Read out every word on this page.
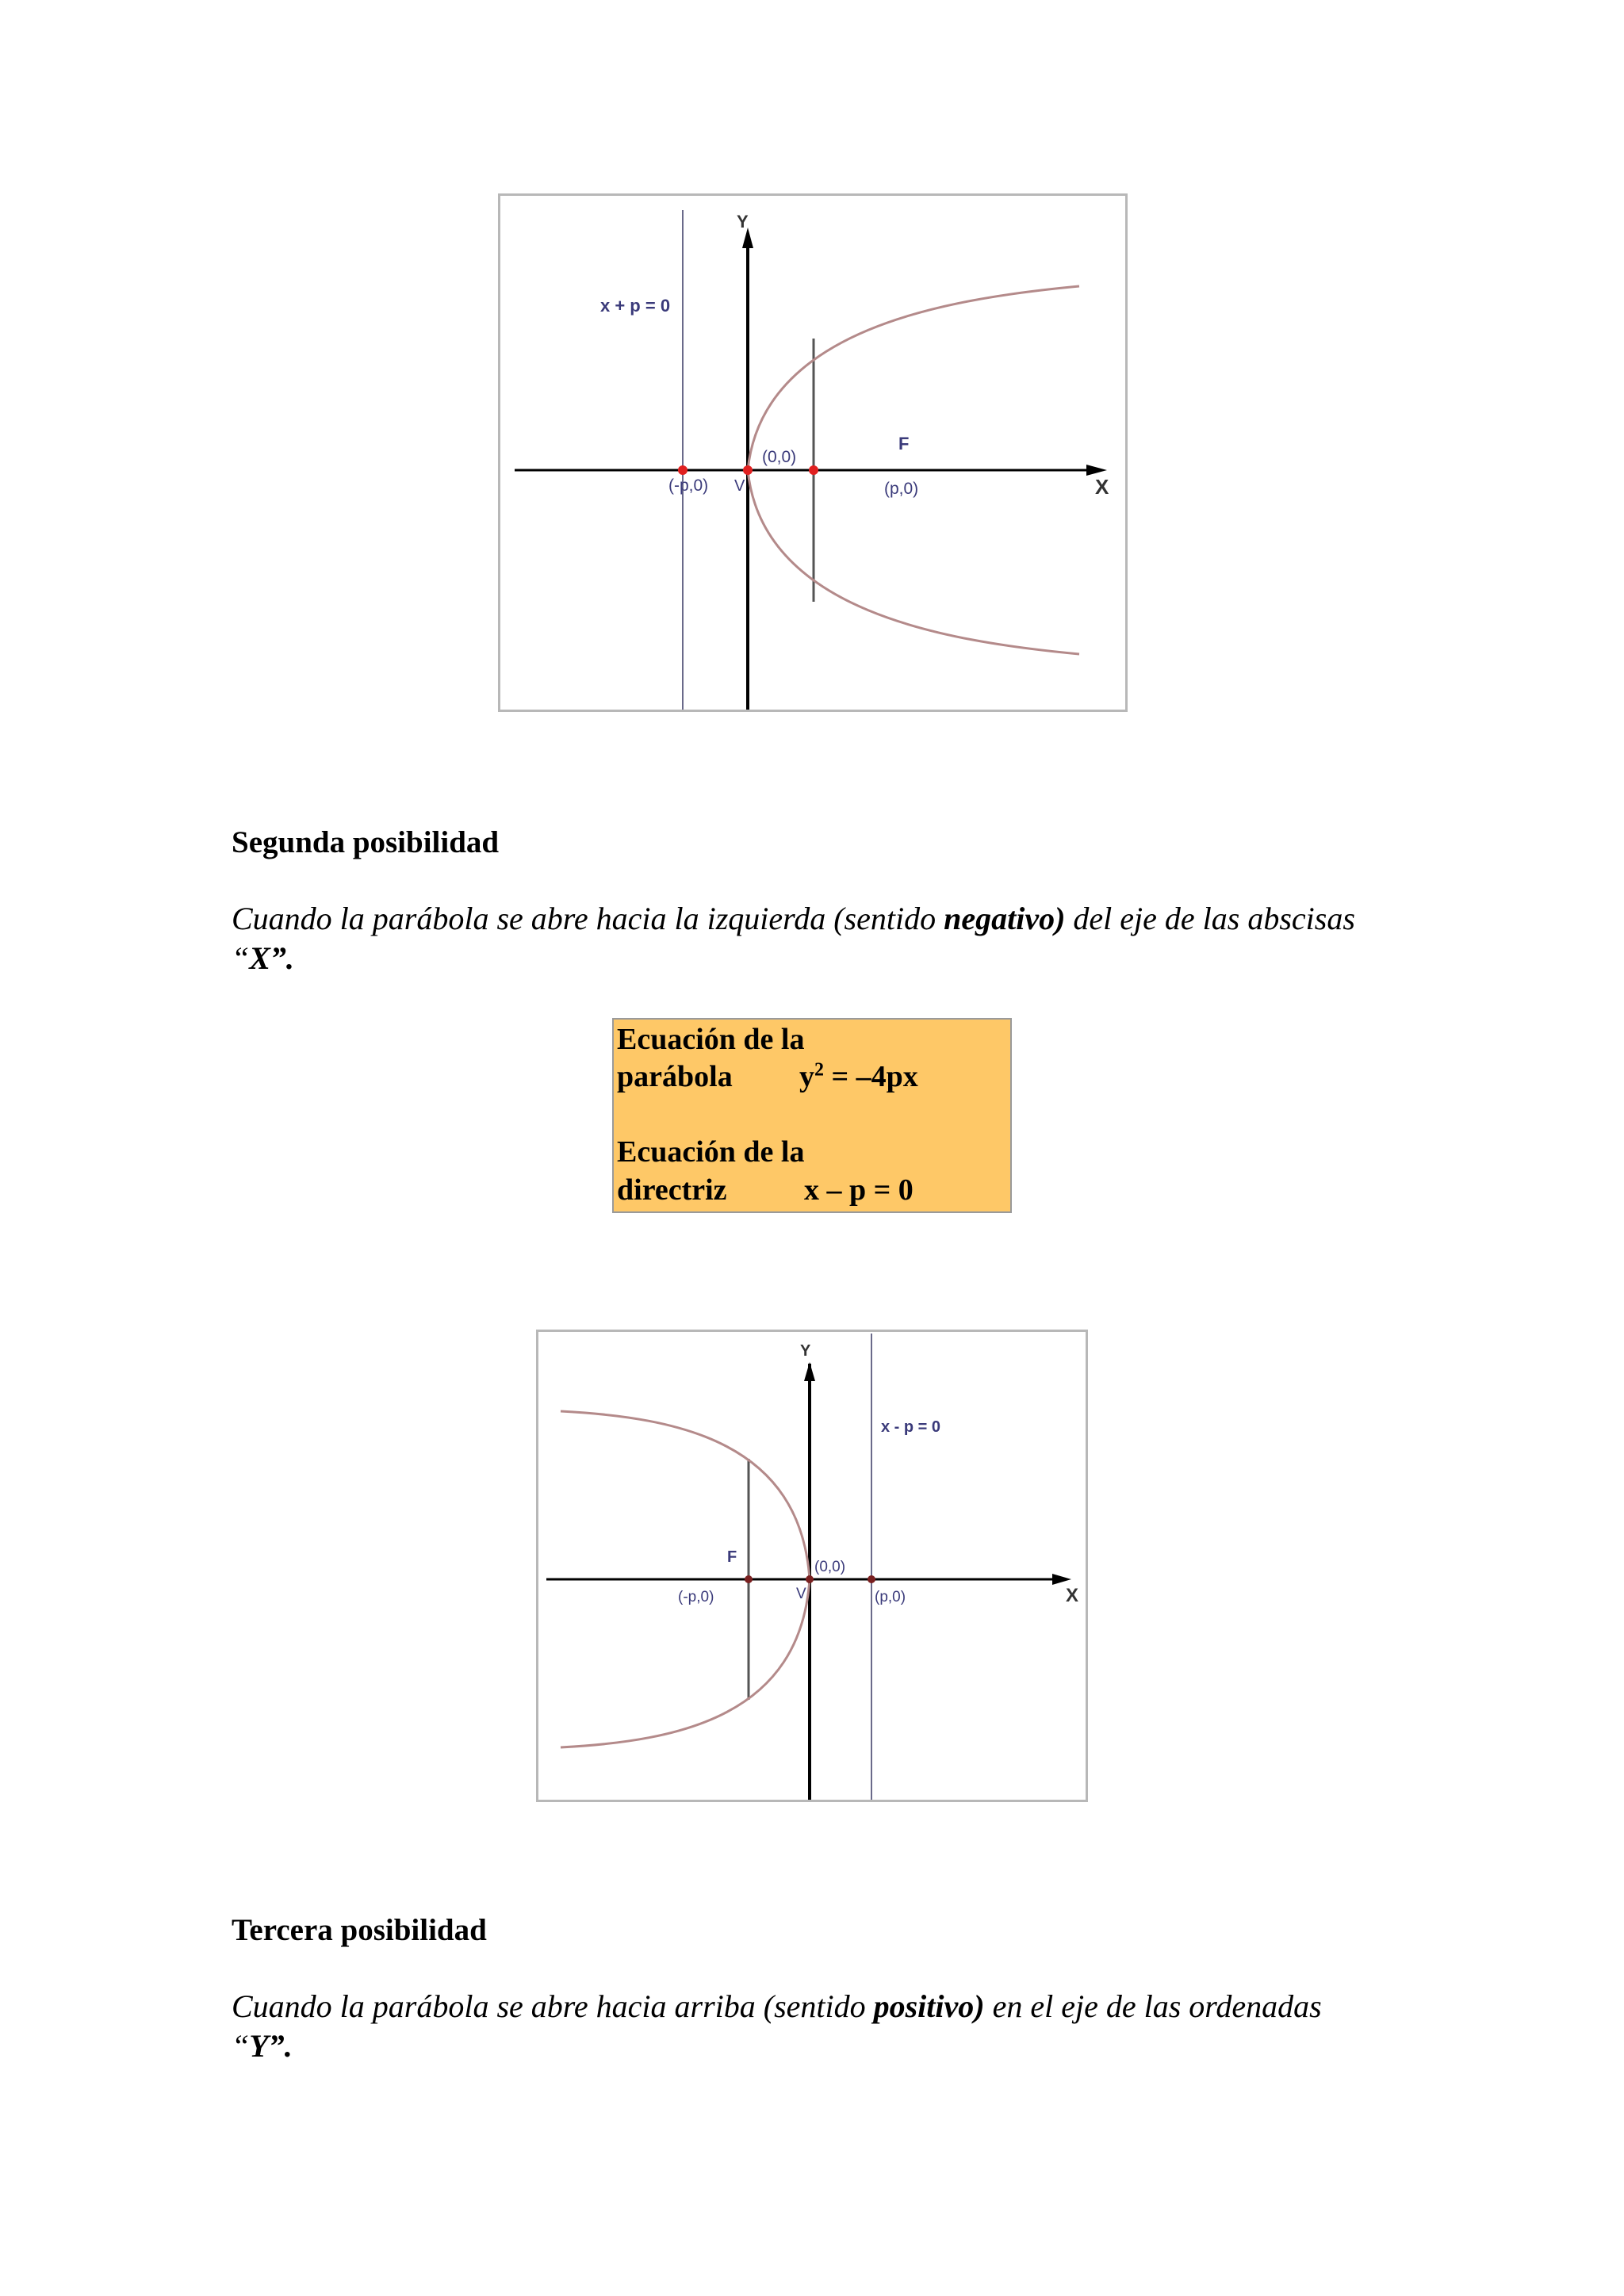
Y
X
x + p = 0
(0,0)
V
F
(-p,0)	(p,0)
Segunda posibilidad
Cuando la parábola se abre hacia la izquierda (sentido negativo) del eje de las abscisas “X”.
Ecuación de la
parábola $y^2 = -4px$
Ecuación de la
directriz	x – p = 0
Y
X
x - p = 0
(0,0)
V
F
(-p,0)	(p,0)
Tercera posibilidad
Cuando la parábola se abre hacia arriba (sentido positivo) en el eje de las ordenadas “Y”.
